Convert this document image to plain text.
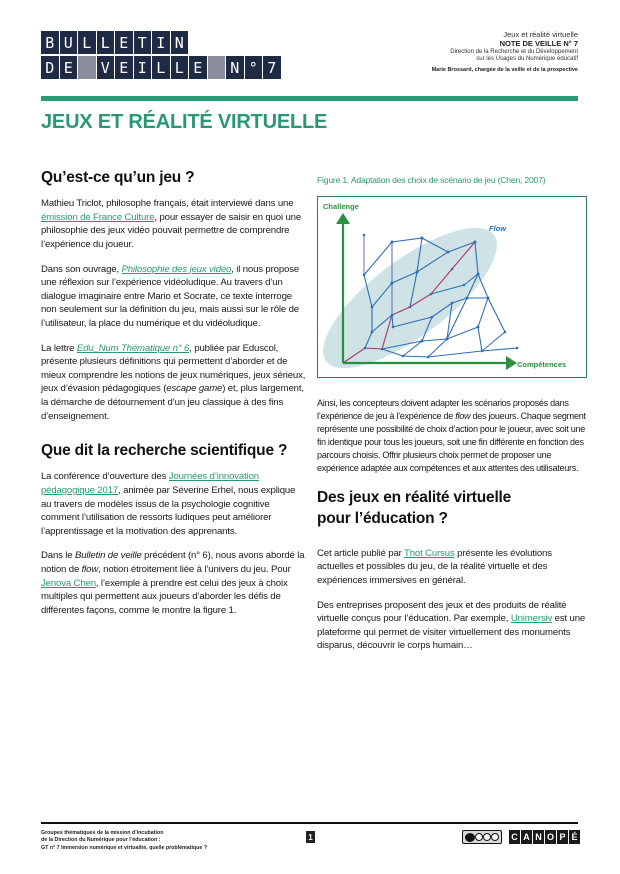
B U L L E T I N
D E V E I L L E N ° 7
Jeux et réalité virtuelle
NOTE DE VEILLE N° 7
Direction de la Recherche et du Développement
sur les Usages du Numérique éducatif
Marie Brossard, chargée de la veille et de la prospective
JEUX ET RÉALITÉ VIRTUELLE
Qu’est-ce qu’un jeu ?

Mathieu Triclot, philosophe français, était interviewé dans une émission de France Culture, pour essayer de saisir en quoi une philosophie des jeux vidéo pouvait permettre de comprendre l’expérience du joueur.

Dans son ouvrage, Philosophie des jeux vidéo, il nous propose une réflexion sur l’expérience vidéoludique. Au travers d’un dialogue imaginaire entre Mario et Socrate, ce texte interroge non seulement sur la définition du jeu, mais aussi sur le rôle de l’utilisateur, la place du numérique et du vidéoludique.

La lettre Edu_Num Thématique n° 6, publiée par Eduscol, présente plusieurs définitions qui permettent d’aborder et de mieux comprendre les notions de jeux numériques, jeux sérieux, jeux d’évasion pédagogiques (escape game) et, plus largement, la démarche de détournement d’un jeu classique à des fins d’enseignement.

Que dit la recherche scientifique ?

La conférence d’ouverture des Journées d’innovation pédagogique 2017, animée par Séverine Erhel, nous explique au travers de modèles issus de la psychologie cognitive comment l’utilisation de ressorts ludiques peut améliorer l’apprentissage et la motivation des apprenants.

Dans le Bulletin de veille précédent (n° 6), nous avons abordé la notion de flow, notion étroitement liée à l’univers du jeu. Pour Jenova Chen, l’exemple à prendre est celui des jeux à choix multiples qui permettent aux joueurs d’aborder les défis de différentes façons, comme le montre la figure 1.

Figure 1. Adaptation des choix de scénario de jeu (Chen, 2007)
Challenge
Compétences
Flow

Ainsi, les concepteurs doivent adapter les scénarios proposés dans l’expérience de jeu à l’expérience de flow des joueurs. Chaque segment représente une possibilité de choix d’action pour le joueur, avec soit une fin identique pour tous les joueurs, soit une fin différente en fonction des parcours choisis. Offrir plusieurs choix permet de proposer une expérience adaptée aux compétences et aux attentes des utilisateurs.

Des jeux en réalité virtuelle
pour l’éducation ?

Cet article publié par Thot Cursus présente les évolutions actuelles et possibles du jeu, de la réalité virtuelle et des expériences immersives en général.

Des entreprises proposent des jeux et des produits de réalité virtuelle conçus pour l’éducation. Par exemple, Unimersiv est une plateforme qui permet de visiter virtuellement des monuments disparus, découvrir le corps humain…

Groupes thématiques de la mission d’incubation
de la Direction du Numérique pour l’éducation :
GT n° 7 Immersion numérique et virtualité, quelle problématique ?
1	C A N O P É
